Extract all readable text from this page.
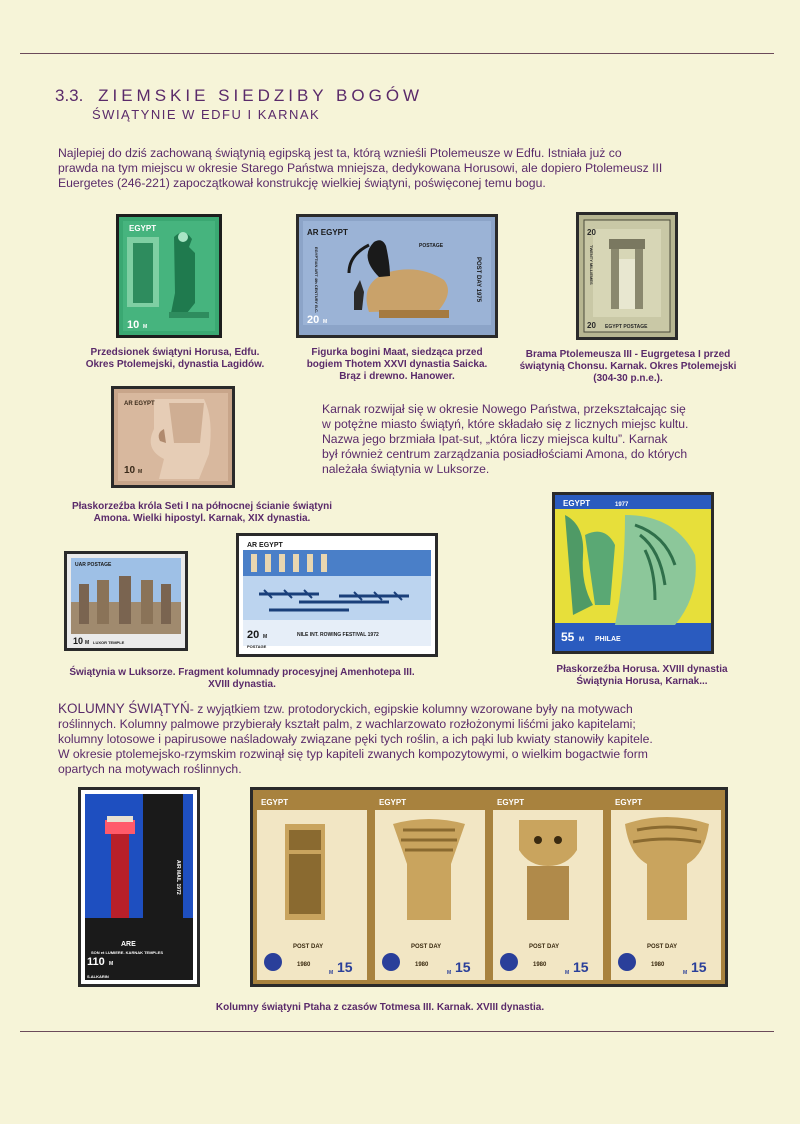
3.3. ZIEMSKIE SIEDZIBY BOGÓW
ŚWIĄTYNIE W EDFU I KARNAK
Najlepiej do dziś zachowaną świątynią egipską jest ta, którą wznieśli Ptolemeusze w Edfu. Istniała już co
prawda na tym miejscu w okresie Starego Państwa mniejsza, dedykowana Horusowi, ale dopiero Ptolemeusz III
Euergetes (246-221) zapoczątkował konstrukcję wielkiej świątyni, poświęconej temu bogu.
EGYPT
10 M
AR EGYPT
POSTAGE
20 M
POST DAY 1975
EGYPTIAN ART 4th CENTURY B.C.
20
20 EGYPT POSTAGE
TWENTY MILLIEMES
Przedsionek świątyni Horusa, Edfu.
Okres Ptolemejski, dynastia Lagidów.
Figurka bogini Maat, siedząca przed
bogiem Thotem XXVI dynastia Saicka.
Brąz i drewno. Hanower.
Brama Ptolemeusza III - Eugrgetesa I przed
świątynią Chonsu. Karnak. Okres Ptolemejski
(304-30 p.n.e.).
AR EGYPT
10 M
Karnak rozwijał się w okresie Nowego Państwa, przekształcając się
w potężne miasto świątyń, które składało się z licznych miejsc kultu.
Nazwa jego brzmiała Ipat-sut, „która liczy miejsca kultu”. Karnak
był również centrum zarządzania posiadłościami Amona, do których
należała świątynia w Luksorze.
Płaskorzeźba króla Seti I na północnej ścianie świątyni
Amona. Wielki hipostyl. Karnak, XIX dynastia.
EGYPT	1977
55 M PHILAE
UAR POSTAGE
10 M LUXOR TEMPLE
AR EGYPT
20 M
POSTAGE
NILE INT. ROWING FESTIVAL 1972
Świątynia w Luksorze. Fragment kolumnady procesyjnej Amenhotepa III.
XVIII dynastia.
Płaskorzeźba Horusa. XVIII dynastia
Świątynia Horusa, Karnak...
KOLUMNY ŚWIĄTYŃ- z wyjątkiem tzw. protodoryckich, egipskie kolumny wzorowane były na motywach
roślinnych. Kolumny palmowe przybierały kształt palm, z wachlarzowato rozłożonymi liśćmi jako kapitelami;
kolumny lotosowe i papirusowe naśladowały związane pęki tych roślin, a ich pąki lub kwiaty stanowiły kapitele.
W okresie ptolemejsko-rzymskim rozwinął się typ kapiteli zwanych kompozytowymi, o wielkim bogactwie form
opartych na motywach roślinnych.
AIR MAIL 1972
ARE
110 M
SON et LUMIERE. KARNAK TEMPLES
S.ALKARIN
EGYPT
POST DAY
1980 15
M
EGYPT
POST DAY
1980 15
M
EGYPT
POST DAY
1980 15
M
EGYPT
POST DAY
1980 15
M
Kolumny świątyni Ptaha z czasów Totmesa III. Karnak. XVIII dynastia.
